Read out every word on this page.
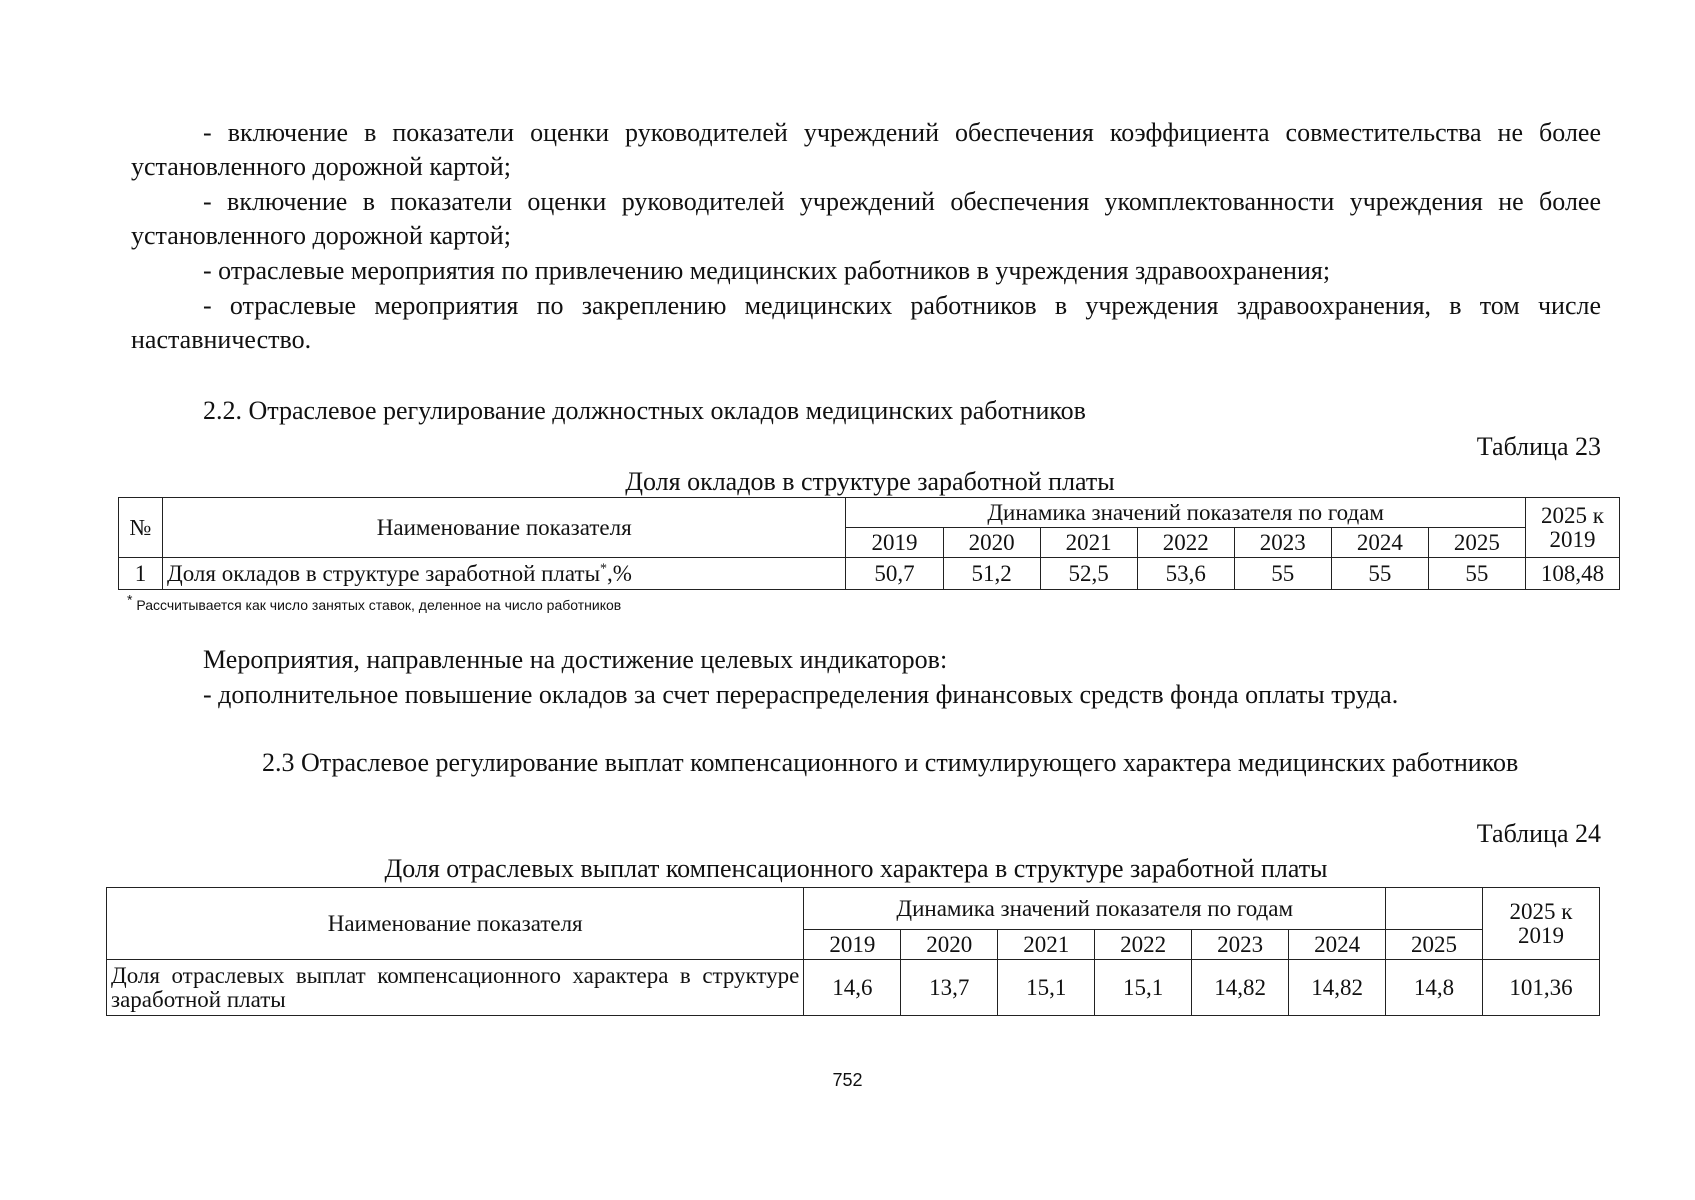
- включение в показатели оценки руководителей учреждений обеспечения коэффициента совместительства не более установленного дорожной картой;

- включение в показатели оценки руководителей учреждений обеспечения укомплектованности учреждения не более установленного дорожной картой;

- отраслевые мероприятия по привлечению медицинских работников в учреждения здравоохранения;

- отраслевые мероприятия по закреплению медицинских работников в учреждения здравоохранения, в том числе наставничество.

2.2. Отраслевое регулирование должностных окладов медицинских работников

Таблица 23

Доля окладов в структуре заработной платы

№	Наименование показателя	Динамика значений показателя по годам							2025 к
2019
		2019	2020	2021	2022	2023	2024	2025	
1	Доля окладов в структуре заработной платы*,%	50,7	51,2	52,5	53,6	55	55	55	108,48

* Рассчитывается как число занятых ставок, деленное на число работников

Мероприятия, направленные на достижение целевых индикаторов:

- дополнительное повышение окладов за счет перераспределения финансовых средств фонда оплаты труда.

2.3 Отраслевое регулирование выплат компенсационного и стимулирующего характера медицинских работников

Таблица 24

Доля отраслевых выплат компенсационного характера в структуре заработной платы

Наименование показателя	Динамика значений показателя по годам							2025 к
2019
	2019	2020	2021	2022	2023	2024	2025	
Доля отраслевых выплат компенсационного характера в структуре заработной платы	14,6	13,7	15,1	15,1	14,82	14,82	14,8	101,36

752
